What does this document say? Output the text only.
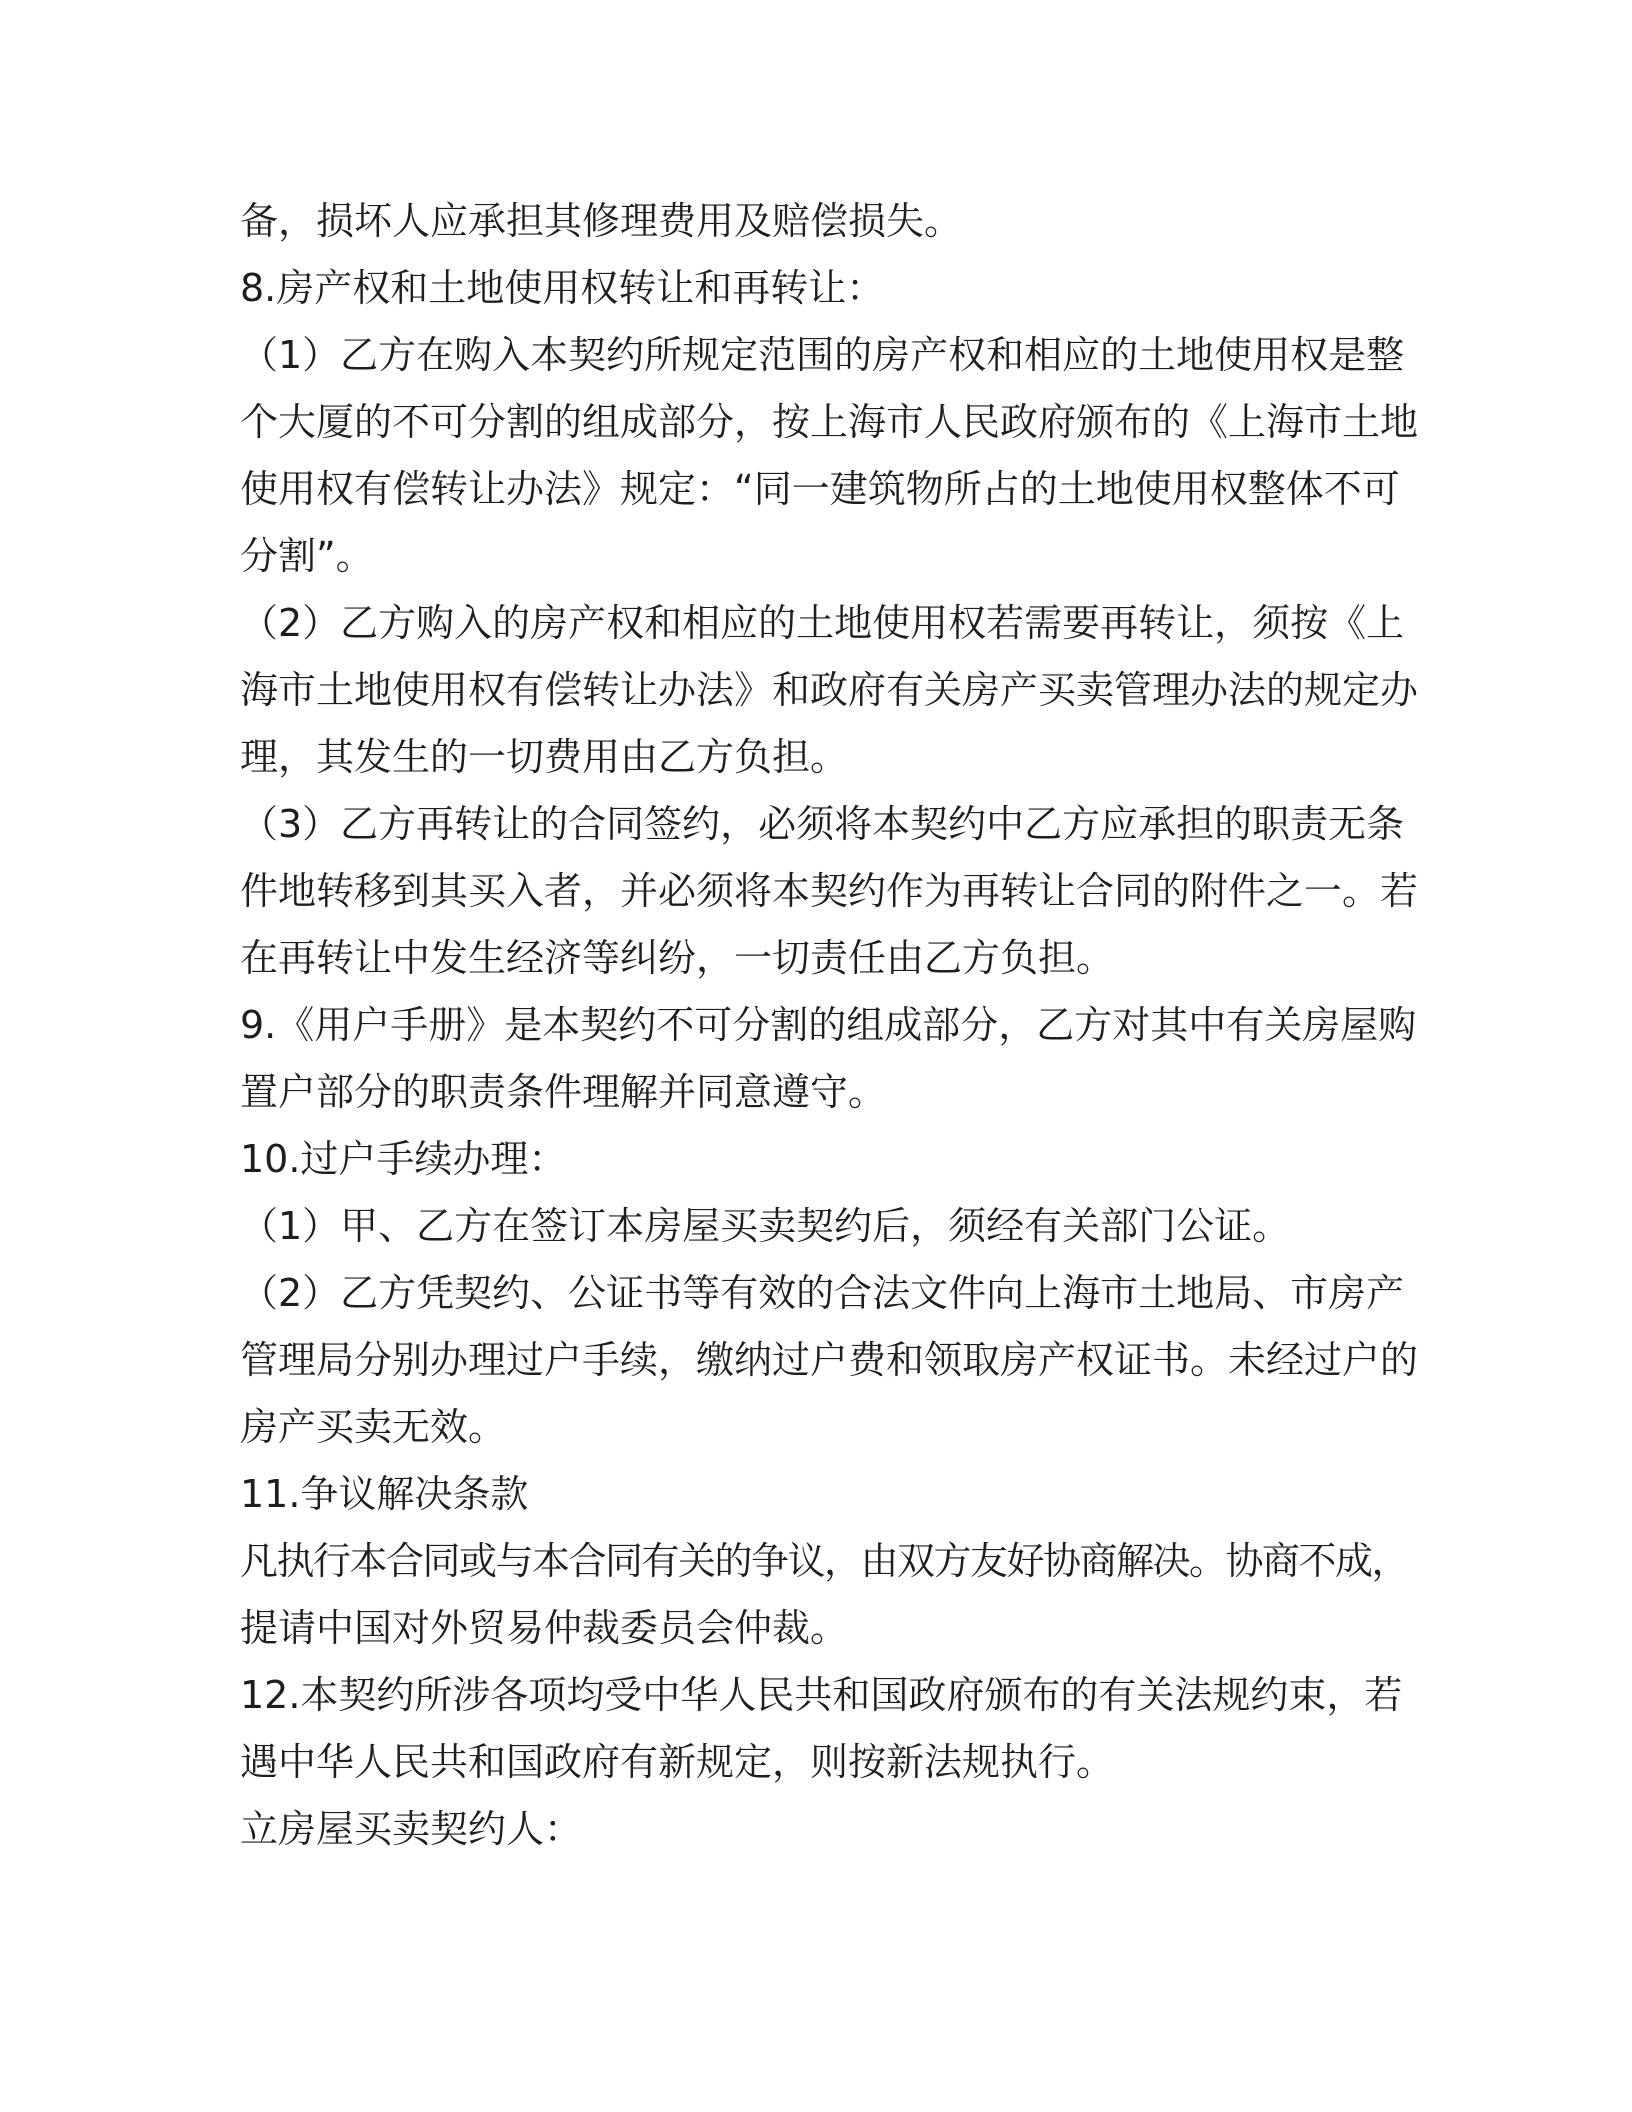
备，损坏人应承担其修理费用及赔偿损失。
8.房产权和土地使用权转让和再转让：
（1）乙方在购入本契约所规定范围的房产权和相应的土地使用权是整
个大厦的不可分割的组成部分，按上海市人民政府颁布的《上海市土地
使用权有偿转让办法》规定：“同一建筑物所占的土地使用权整体不可
分割”。
（2）乙方购入的房产权和相应的土地使用权若需要再转让，须按《上
海市土地使用权有偿转让办法》和政府有关房产买卖管理办法的规定办
理，其发生的一切费用由乙方负担。
（3）乙方再转让的合同签约，必须将本契约中乙方应承担的职责无条
件地转移到其买入者，并必须将本契约作为再转让合同的附件之一。若
在再转让中发生经济等纠纷，一切责任由乙方负担。
9.《用户手册》是本契约不可分割的组成部分，乙方对其中有关房屋购
置户部分的职责条件理解并同意遵守。
10.过户手续办理：
（1）甲、乙方在签订本房屋买卖契约后，须经有关部门公证。
（2）乙方凭契约、公证书等有效的合法文件向上海市土地局、市房产
管理局分别办理过户手续，缴纳过户费和领取房产权证书。未经过户的
房产买卖无效。
11.争议解决条款
凡执行本合同或与本合同有关的争议，由双方友好协商解决。协商不成，
提请中国对外贸易仲裁委员会仲裁。
12.本契约所涉各项均受中华人民共和国政府颁布的有关法规约束，若
遇中华人民共和国政府有新规定，则按新法规执行。
立房屋买卖契约人：
